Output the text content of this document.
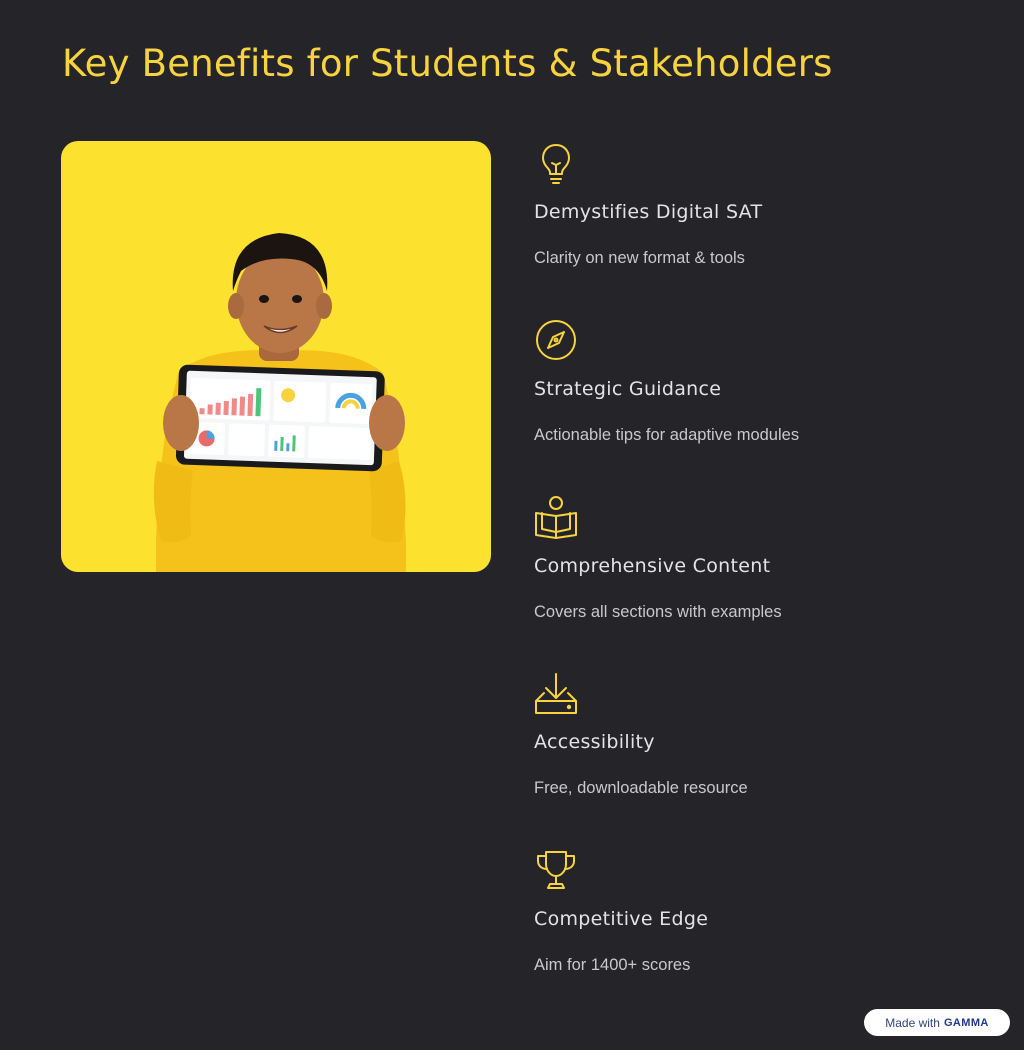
Key Benefits for Students & Stakeholders
Demystifies Digital SAT
Clarity on new format & tools
Strategic Guidance
Actionable tips for adaptive modules
Comprehensive Content
Covers all sections with examples
Accessibility
Free, downloadable resource
Competitive Edge
Aim for 1400+ scores
Made with GAMMA
